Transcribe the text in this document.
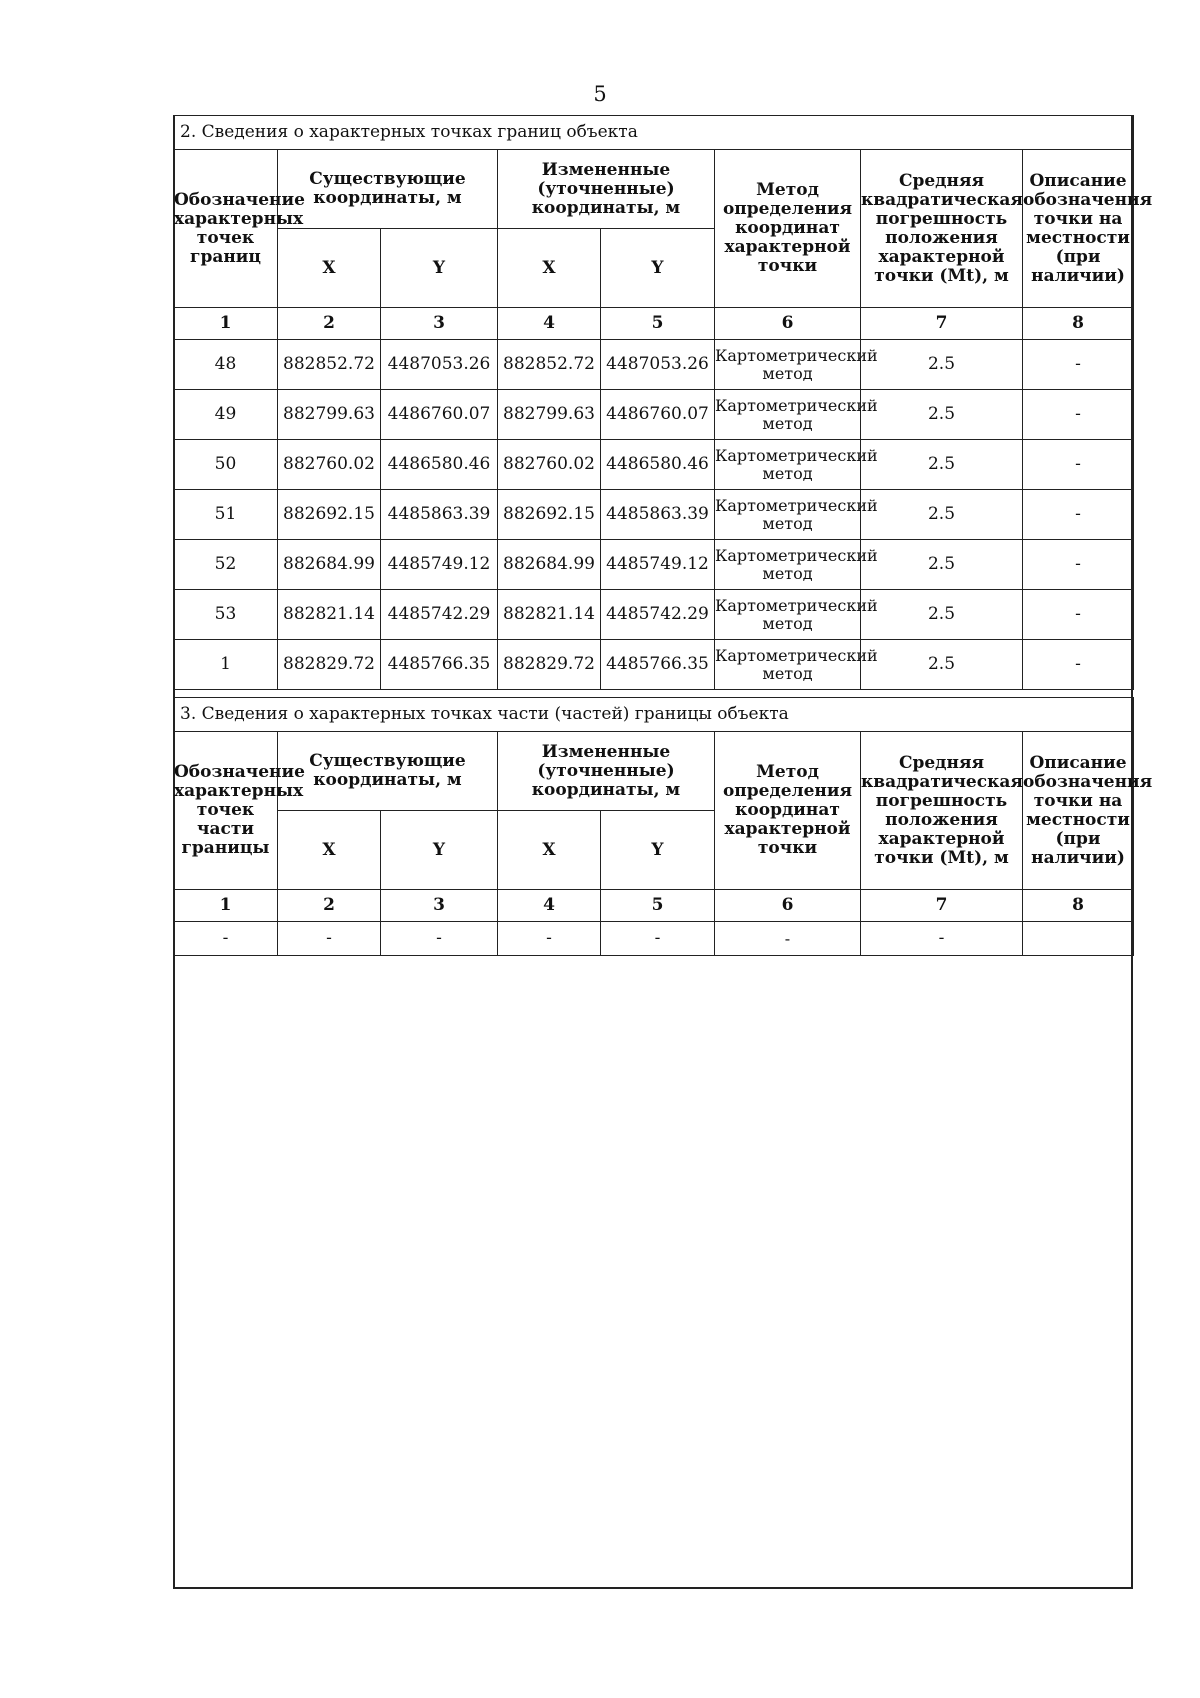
5
2. Сведения о характерных точках границ объекта							
Обозначение характерных точек границ	Существующие координаты, м		Измененные (уточненные) координаты, м		Метод определения координат характерной точки	Средняя квадратическая погрешность положения характерной точки (Mt), м	Описание обозначения точки на местности (при наличии)
	X	Y	X	Y			
1	2	3	4	5	6	7	8
48	882852.72	4487053.26	882852.72	4487053.26	Картометрический метод	2.5	-
49	882799.63	4486760.07	882799.63	4486760.07	Картометрический метод	2.5	-
50	882760.02	4486580.46	882760.02	4486580.46	Картометрический метод	2.5	-
51	882692.15	4485863.39	882692.15	4485863.39	Картометрический метод	2.5	-
52	882684.99	4485749.12	882684.99	4485749.12	Картометрический метод	2.5	-
53	882821.14	4485742.29	882821.14	4485742.29	Картометрический метод	2.5	-
1	882829.72	4485766.35	882829.72	4485766.35	Картометрический метод	2.5	-
3. Сведения о характерных точках части (частей) границы объекта							
Обозначение характерных точек части границы	Существующие координаты, м		Измененные (уточненные) координаты, м		Метод определения координат характерной точки	Средняя квадратическая погрешность положения характерной точки (Mt), м	Описание обозначения точки на местности (при наличии)
	X	Y	X	Y			
1	2	3	4	5	6	7	8
-	-	-	-	-	-	-	
